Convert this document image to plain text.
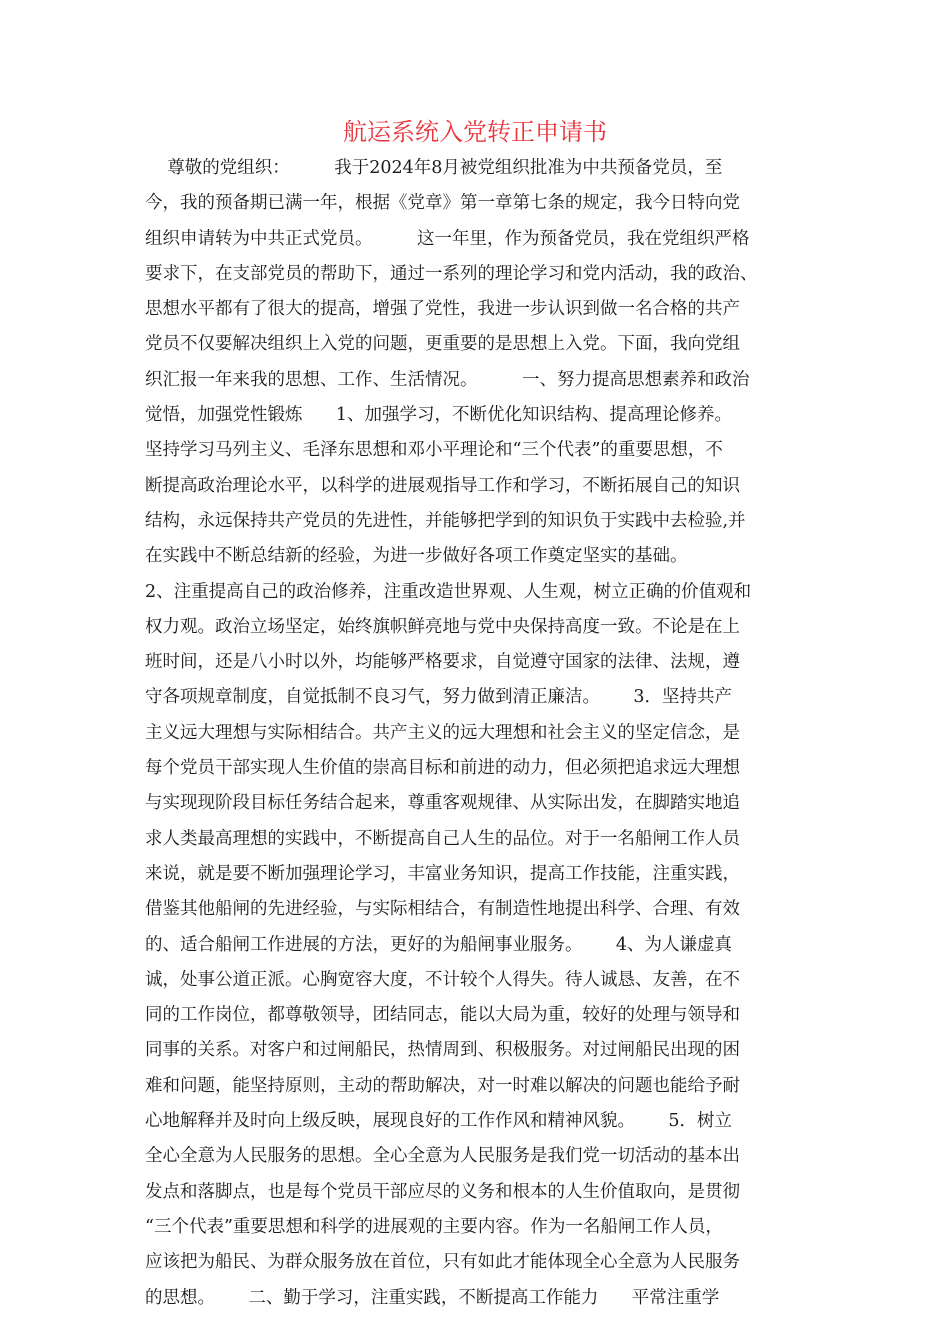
航运系统入党转正申请书
尊敬的党组织：        我于2024年8月被党组织批准为中共预备党员，至
今，我的预备期已满一年，根据《党章》第一章第七条的规定，我今日特向党
组织申请转为中共正式党员。        这一年里，作为预备党员，我在党组织严格
要求下，在支部党员的帮助下，通过一系列的理论学习和党内活动，我的政治、
思想水平都有了很大的提高，增强了党性，我进一步认识到做一名合格的共产
党员不仅要解决组织上入党的问题，更重要的是思想上入党。下面，我向党组
织汇报一年来我的思想、工作、生活情况。        一、努力提高思想素养和政治
觉悟，加强党性锻炼      1、加强学习，不断优化知识结构、提高理论修养。
坚持学习马列主义、毛泽东思想和邓小平理论和“三个代表”的重要思想，不
断提高政治理论水平，以科学的进展观指导工作和学习，不断拓展自己的知识
结构，永远保持共产党员的先进性，并能够把学到的知识负于实践中去检验,并
在实践中不断总结新的经验，为进一步做好各项工作奠定坚实的基础。
2、注重提高自己的政治修养，注重改造世界观、人生观，树立正确的价值观和
权力观。政治立场坚定，始终旗帜鲜亮地与党中央保持高度一致。不论是在上
班时间，还是八小时以外，均能够严格要求，自觉遵守国家的法律、法规，遵
守各项规章制度，自觉抵制不良习气，努力做到清正廉洁。      3．坚持共产
主义远大理想与实际相结合。共产主义的远大理想和社会主义的坚定信念，是
每个党员干部实现人生价值的崇高目标和前进的动力，但必须把追求远大理想
与实现现阶段目标任务结合起来，尊重客观规律、从实际出发，在脚踏实地追
求人类最高理想的实践中，不断提高自己人生的品位。对于一名船闸工作人员
来说，就是要不断加强理论学习，丰富业务知识，提高工作技能，注重实践，
借鉴其他船闸的先进经验，与实际相结合，有制造性地提出科学、合理、有效
的、适合船闸工作进展的方法，更好的为船闸事业服务。      4、为人谦虚真
诚，处事公道正派。心胸宽容大度，不计较个人得失。待人诚恳、友善，在不
同的工作岗位，都尊敬领导，团结同志，能以大局为重，较好的处理与领导和
同事的关系。对客户和过闸船民，热情周到、积极服务。对过闸船民出现的困
难和问题，能坚持原则，主动的帮助解决，对一时难以解决的问题也能给予耐
心地解释并及时向上级反映，展现良好的工作作风和精神风貌。      5．树立
全心全意为人民服务的思想。全心全意为人民服务是我们党一切活动的基本出
发点和落脚点，也是每个党员干部应尽的义务和根本的人生价值取向，是贯彻
“三个代表”重要思想和科学的进展观的主要内容。作为一名船闸工作人员，
应该把为船民、为群众服务放在首位，只有如此才能体现全心全意为人民服务
的思想。      二、勤于学习，注重实践，不断提高工作能力      平常注重学
